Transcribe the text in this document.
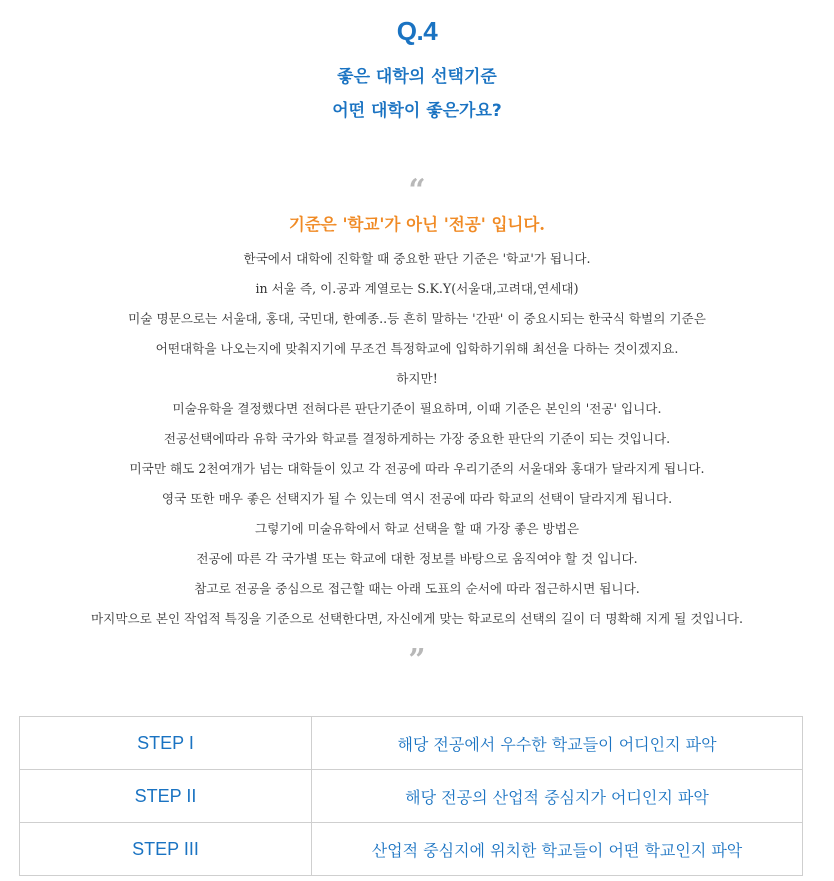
Q.4
좋은 대학의 선택기준
어떤 대학이 좋은가요?
“
기준은 '학교'가 아닌 '전공' 입니다.
한국에서 대학에 진학할 때 중요한 판단 기준은 '학교'가 됩니다.
in 서울 즉, 이.공과 계열로는 S.K.Y(서울대,고려대,연세대)
미술 명문으로는 서울대, 홍대, 국민대, 한예종..등 흔히 말하는 '간판' 이 중요시되는 한국식 학벌의 기준은
어떤대학을 나오는지에 맞춰지기에 무조건 특정학교에 입학하기위해 최선을 다하는 것이겠지요.
하지만!
미술유학을 결정했다면 전혀다른 판단기준이 필요하며, 이때 기준은 본인의 '전공' 입니다.
전공선택에따라 유학 국가와 학교를 결정하게하는 가장 중요한 판단의 기준이 되는 것입니다.
미국만 해도 2천여개가 넘는 대학들이 있고 각 전공에 따라 우리기준의 서울대와 홍대가 달라지게 됩니다.
영국 또한 매우 좋은 선택지가 될 수 있는데 역시 전공에 따라 학교의 선택이 달라지게 됩니다.
그렇기에 미술유학에서 학교 선택을 할 때 가장 좋은 방법은
전공에 따른 각 국가별 또는 학교에 대한 정보를 바탕으로 움직여야 할 것 입니다.
참고로 전공을 중심으로 접근할 때는 아래 도표의 순서에 따라 접근하시면 됩니다.
마지막으로 본인 작업적 특징을 기준으로 선택한다면, 자신에게 맞는 학교로의 선택의 길이 더 명확해 지게 될 것입니다.
”
STEP I	해당 전공에서 우수한 학교들이 어디인지 파악
STEP II	해당 전공의 산업적 중심지가 어디인지 파악
STEP III	산업적 중심지에 위치한 학교들이 어떤 학교인지 파악
